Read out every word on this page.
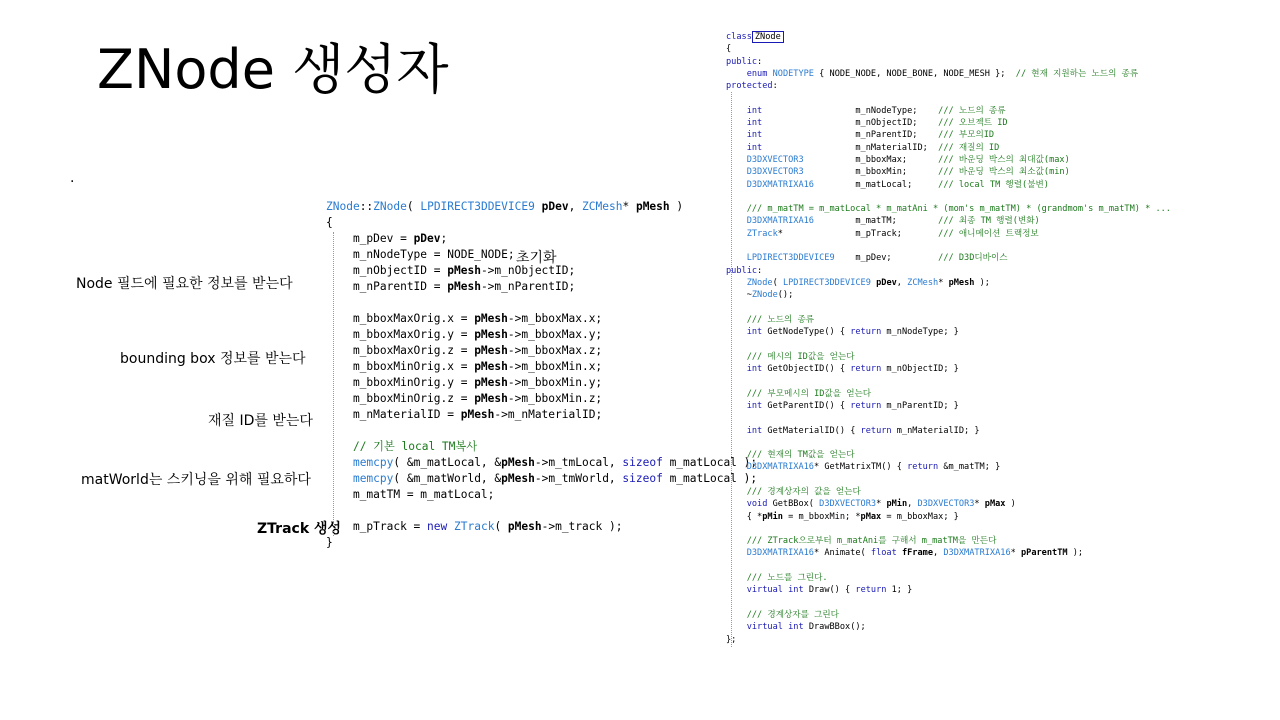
ZNode 생성자
.
Node 필드에 필요한 정보를 받는다
bounding box 정보를 받는다
재질 ID를 받는다
matWorld는 스키닝을 위해 필요하다
ZTrack 생성
초기화
ZNode::ZNode( LPDIRECT3DDEVICE9 pDev, ZCMesh* pMesh )
{
m_pDev = pDev;
m_nNodeType = NODE_NODE;
m_nObjectID = pMesh->m_nObjectID;
m_nParentID = pMesh->m_nParentID;

m_bboxMaxOrig.x = pMesh->m_bboxMax.x;
m_bboxMaxOrig.y = pMesh->m_bboxMax.y;
m_bboxMaxOrig.z = pMesh->m_bboxMax.z;
m_bboxMinOrig.x = pMesh->m_bboxMin.x;
m_bboxMinOrig.y = pMesh->m_bboxMin.y;
m_bboxMinOrig.z = pMesh->m_bboxMin.z;
m_nMaterialID = pMesh->m_nMaterialID;

// 기본 local TM복사
memcpy( &m_matLocal, &pMesh->m_tmLocal, sizeof m_matLocal );
memcpy( &m_matWorld, &pMesh->m_tmWorld, sizeof m_matLocal );
m_matTM = m_matLocal;

m_pTrack = new ZTrack( pMesh->m_track );
}
class ZNode
{
public:
enum NODETYPE { NODE_NODE, NODE_BONE, NODE_MESH };  // 현재 지원하는 노드의 종류
protected:

int                  m_nNodeType;    /// 노드의 종류
int                  m_nObjectID;    /// 오브젝트 ID
int                  m_nParentID;    /// 부모의ID
int                  m_nMaterialID;  /// 재질의 ID
D3DXVECTOR3          m_bboxMax;      /// 바운딩 박스의 최대값(max)
D3DXVECTOR3          m_bboxMin;      /// 바운딩 박스의 최소값(min)
D3DXMATRIXA16        m_matLocal;     /// local TM 행렬(불변)

/// m_matTM = m_matLocal * m_matAni * (mom's m_matTM) * (grandmom's m_matTM) * ...
D3DXMATRIXA16        m_matTM;        /// 최종 TM 행렬(변화)
ZTrack*              m_pTrack;       /// 애니메이션 트랙정보

LPDIRECT3DDEVICE9    m_pDev;         /// D3D디바이스
public:
ZNode( LPDIRECT3DDEVICE9 pDev, ZCMesh* pMesh );
~ZNode();

/// 노드의 종류
int GetNodeType() { return m_nNodeType; }

/// 메시의 ID값을 얻는다
int GetObjectID() { return m_nObjectID; }

/// 부모메시의 ID값을 얻는다
int GetParentID() { return m_nParentID; }

int GetMaterialID() { return m_nMaterialID; }

/// 현재의 TM값을 얻는다
D3DXMATRIXA16* GetMatrixTM() { return &m_matTM; }

/// 경계상자의 값을 얻는다
void GetBBox( D3DXVECTOR3* pMin, D3DXVECTOR3* pMax )
{ *pMin = m_bboxMin; *pMax = m_bboxMax; }

/// ZTrack으로부터 m_matAni를 구해서 m_matTM을 만든다
D3DXMATRIXA16* Animate( float fFrame, D3DXMATRIXA16* pParentTM );

/// 노드를 그린다.
virtual int Draw() { return 1; }

/// 경계상자를 그린다
virtual int DrawBBox();
};
